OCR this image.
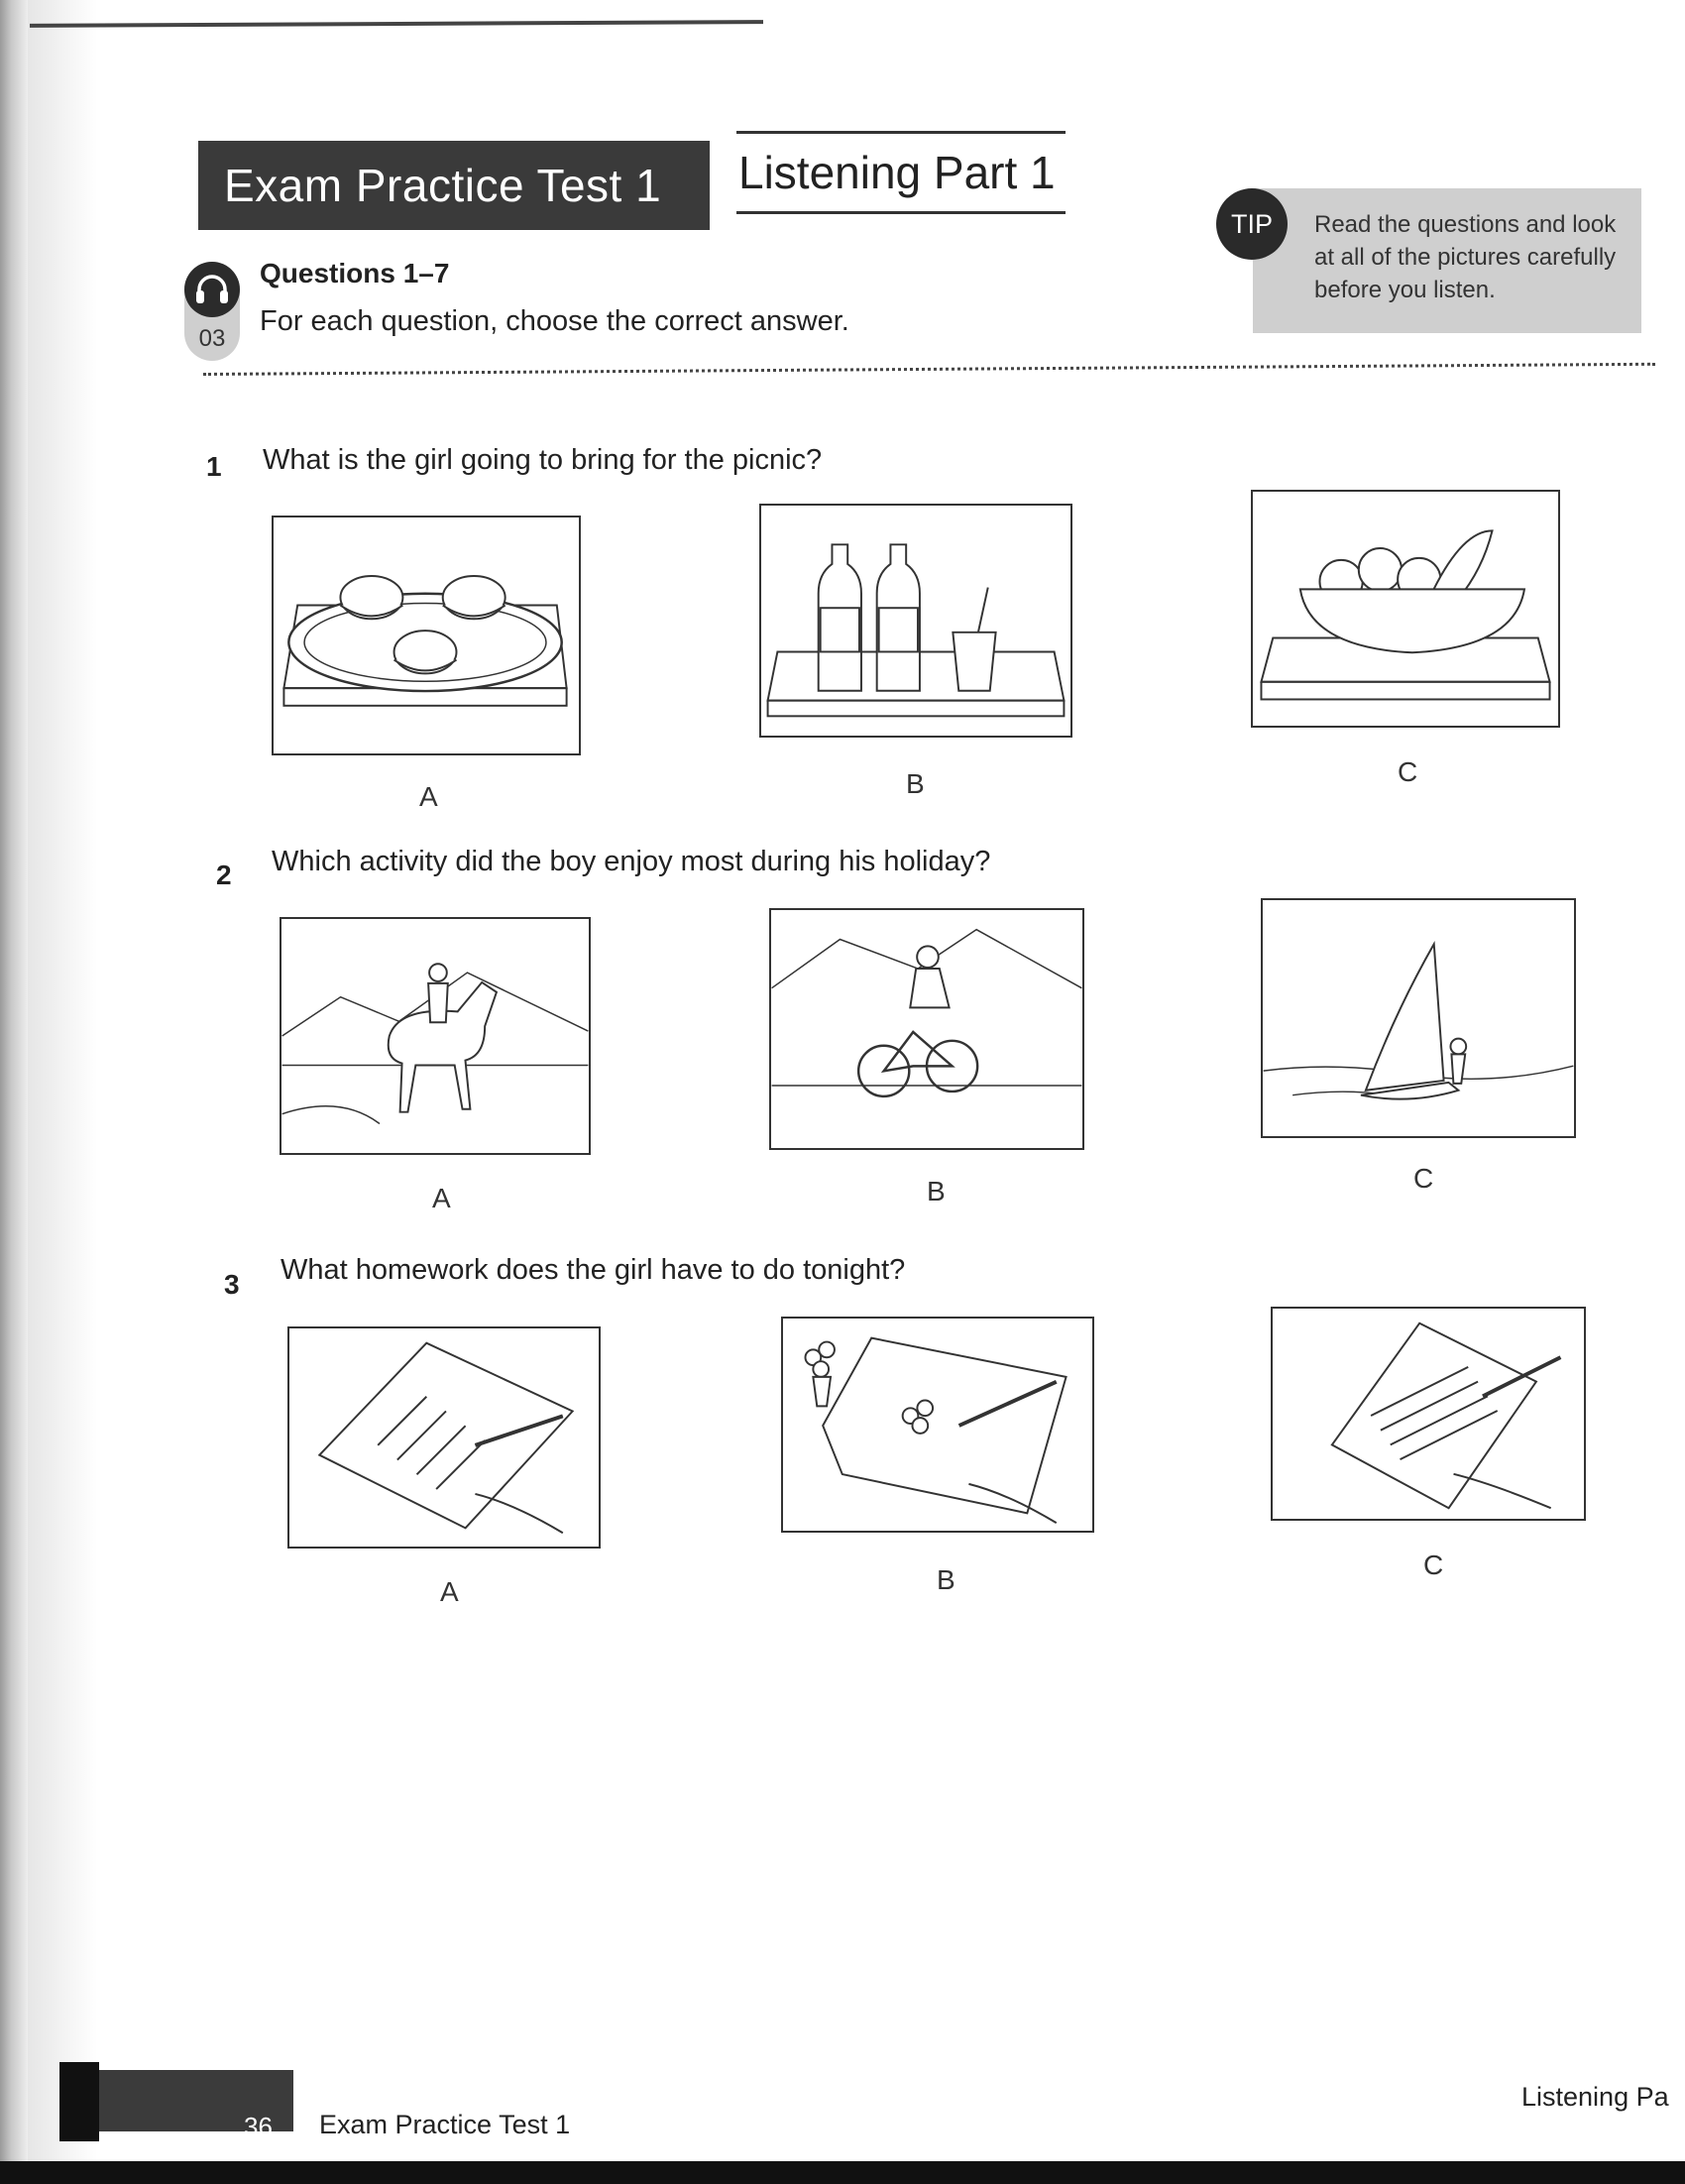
Exam Practice Test 1 Listening Part 1
Read the questions and look at all of the pictures carefully before you listen.
TIP
03
Questions 1–7
For each question, choose the correct answer.
1 What is the girl going to bring for the picnic?
A	B	C
2 Which activity did the boy enjoy most during his holiday?
A	B	C
3 What homework does the girl have to do tonight?
A	B	C
36 Exam Practice Test 1
Listening Pa
